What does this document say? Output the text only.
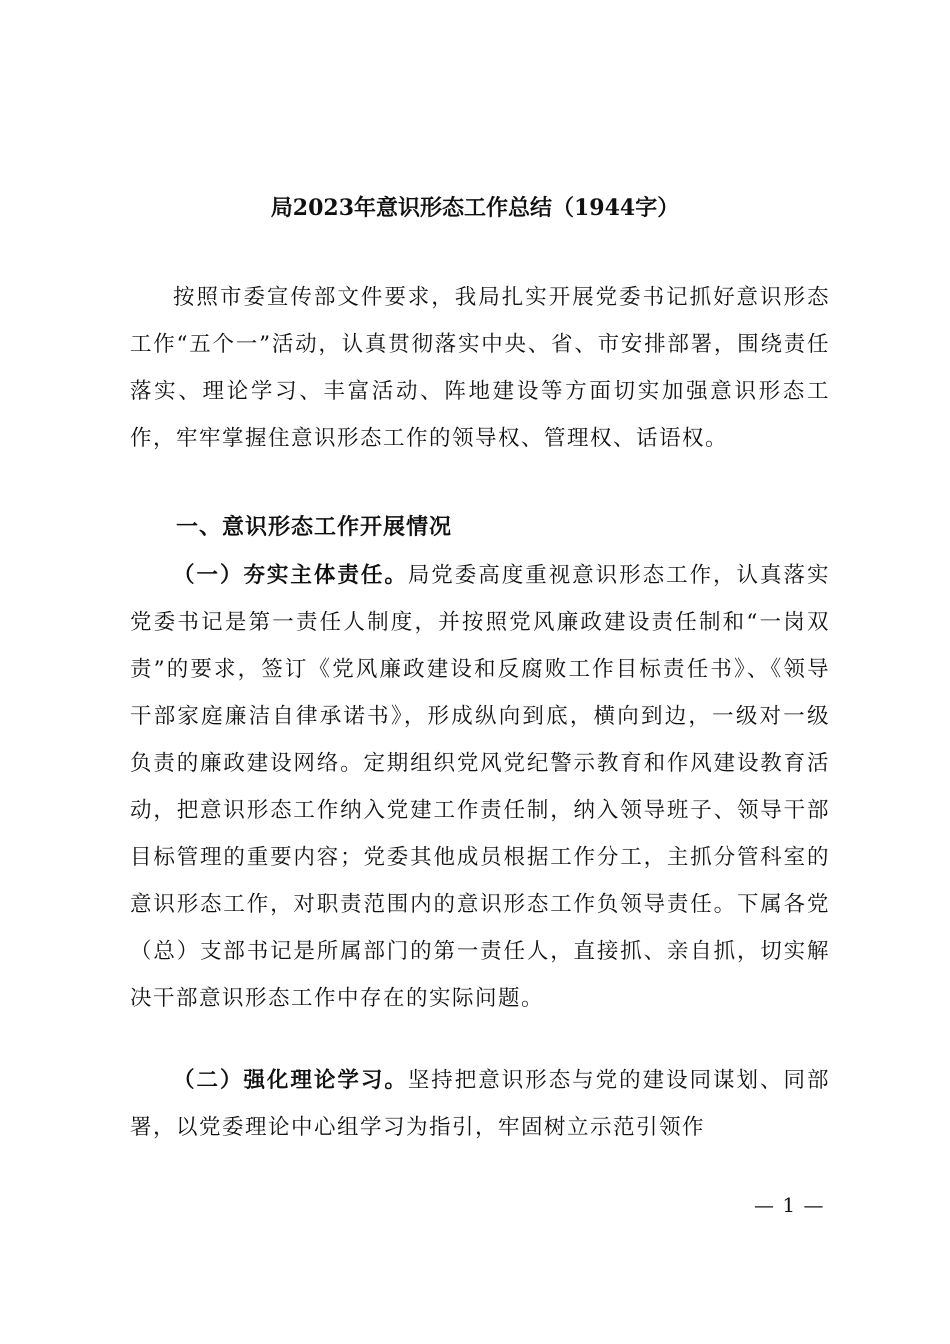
局2023年意识形态工作总结（1944字）

按照市委宣传部文件要求，我局扎实开展党委书记抓好意识形态工作“五个一”活动，认真贯彻落实中央、省、市安排部署，围绕责任落实、理论学习、丰富活动、阵地建设等方面切实加强意识形态工作，牢牢掌握住意识形态工作的领导权、管理权、话语权。

一、意识形态工作开展情况

（一）夯实主体责任。局党委高度重视意识形态工作，认真落实党委书记是第一责任人制度，并按照党风廉政建设责任制和“一岗双责”的要求，签订《党风廉政建设和反腐败工作目标责任书》、《领导干部家庭廉洁自律承诺书》，形成纵向到底，横向到边，一级对一级负责的廉政建设网络。定期组织党风党纪警示教育和作风建设教育活动，把意识形态工作纳入党建工作责任制，纳入领导班子、领导干部目标管理的重要内容；党委其他成员根据工作分工，主抓分管科室的意识形态工作，对职责范围内的意识形态工作负领导责任。下属各党（总）支部书记是所属部门的第一责任人，直接抓、亲自抓，切实解决干部意识形态工作中存在的实际问题。

（二）强化理论学习。坚持把意识形态与党的建设同谋划、同部署，以党委理论中心组学习为指引，牢固树立示范引领作

— 1 —
